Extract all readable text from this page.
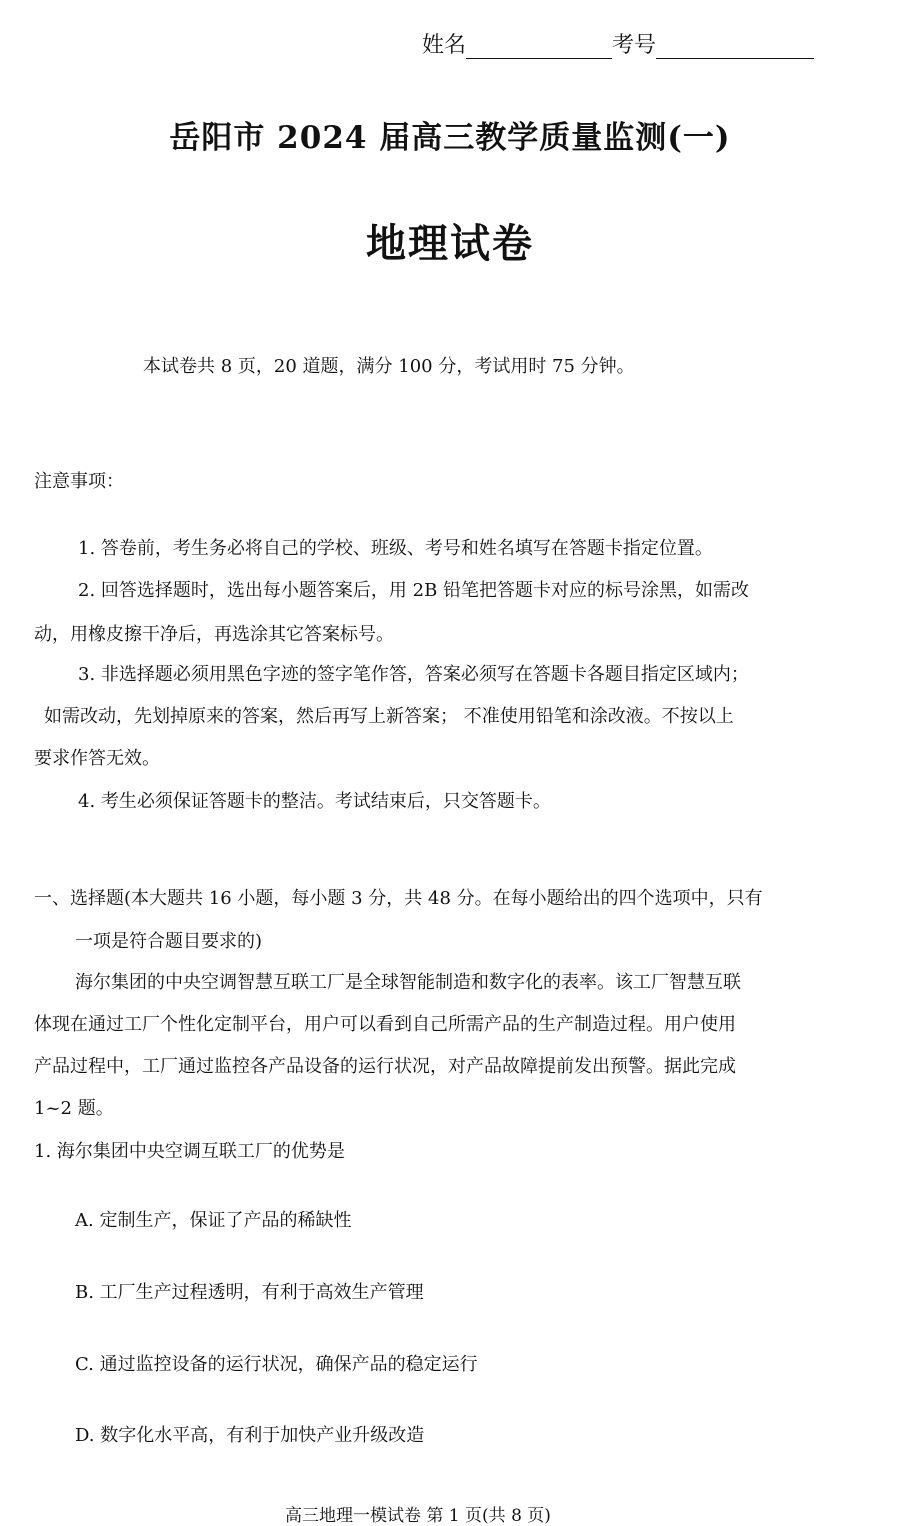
姓名	考号
岳阳市 2024 届高三教学质量监测(一)
地理试卷
本试卷共 8 页，20 道题，满分 100 分，考试用时 75 分钟。
注意事项：
1. 答卷前，考生务必将自己的学校、班级、考号和姓名填写在答题卡指定位置。
2. 回答选择题时，选出每小题答案后，用 2B 铅笔把答题卡对应的标号涂黑，如需改
动，用橡皮擦干净后，再选涂其它答案标号。
3. 非选择题必须用黑色字迹的签字笔作答，答案必须写在答题卡各题目指定区域内；
如需改动，先划掉原来的答案，然后再写上新答案； 不准使用铅笔和涂改液。不按以上
要求作答无效。
4. 考生必须保证答题卡的整洁。考试结束后，只交答题卡。
一、选择题(本大题共 16 小题，每小题 3 分，共 48 分。在每小题给出的四个选项中，只有
一项是符合题目要求的)
海尔集团的中央空调智慧互联工厂是全球智能制造和数字化的表率。该工厂智慧互联
体现在通过工厂个性化定制平台，用户可以看到自己所需产品的生产制造过程。用户使用
产品过程中，工厂通过监控各产品设备的运行状况，对产品故障提前发出预警。据此完成
1~2 题。
1. 海尔集团中央空调互联工厂的优势是
A. 定制生产，保证了产品的稀缺性
B. 工厂生产过程透明，有利于高效生产管理
C. 通过监控设备的运行状况，确保产品的稳定运行
D. 数字化水平高，有利于加快产业升级改造
高三地理一模试卷 第 1 页(共 8 页)
